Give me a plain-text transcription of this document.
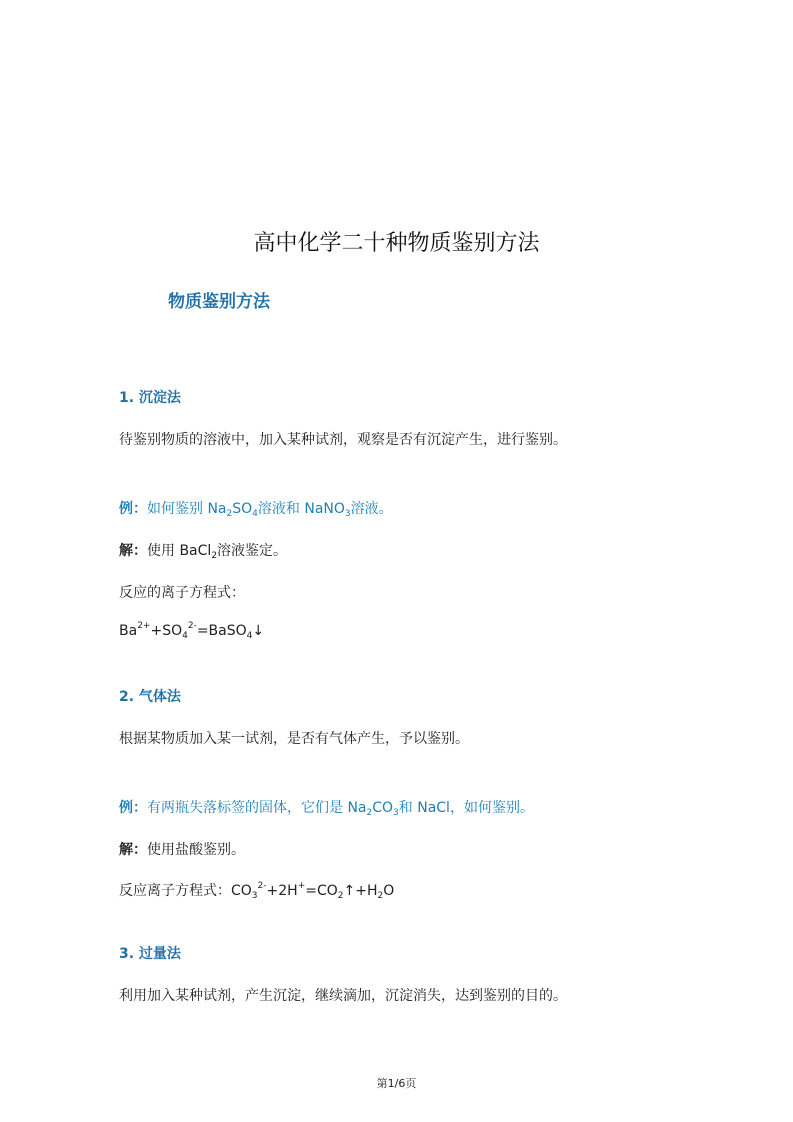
高中化学二十种物质鉴别方法
物质鉴别方法
1. 沉淀法
待鉴别物质的溶液中，加入某种试剂，观察是否有沉淀产生，进行鉴别。
例：如何鉴别 $Na_2SO_4$溶液和 NaNO$_3$溶液。
解：使用 BaCl$_2$溶液鉴定。
反应的离子方程式：
$Ba^{2+}+SO_4^{2-}=BaSO_4↓$
2. 气体法
根据某物质加入某一试剂，是否有气体产生，予以鉴别。
例：有两瓶失落标签的固体，它们是 $Na_2CO_3$和 NaCl，如何鉴别。
解：使用盐酸鉴别。
反应离子方程式：$CO_3^{2-}+2H^+=CO_2↑+H_2O$
3. 过量法
利用加入某种试剂，产生沉淀，继续滴加，沉淀消失，达到鉴别的目的。
第1/6页
